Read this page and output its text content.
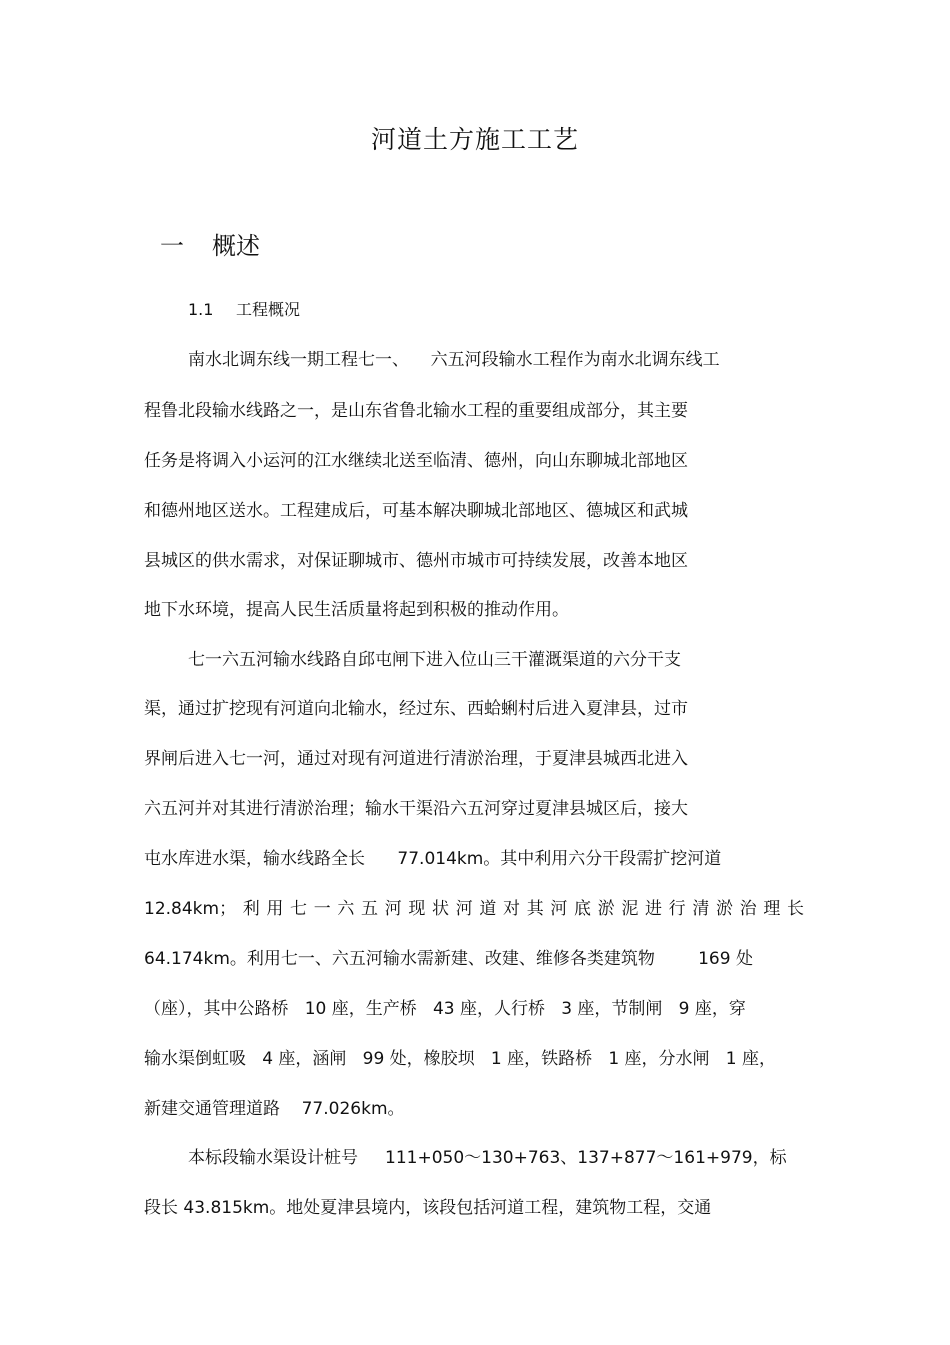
河道土方施工工艺
一 概述
1.1 工程概况
南水北调东线一期工程七一、    六五河段输水工程作为南水北调东线工
程鲁北段输水线路之一，是山东省鲁北输水工程的重要组成部分，其主要
任务是将调入小运河的江水继续北送至临清、德州，向山东聊城北部地区
和德州地区送水。工程建成后，可基本解决聊城北部地区、德城区和武城
县城区的供水需求，对保证聊城市、德州市城市可持续发展，改善本地区
地下水环境，提高人民生活质量将起到积极的推动作用。
七一六五河输水线路自邱屯闸下进入位山三干灌溉渠道的六分干支
渠，通过扩挖现有河道向北输水，经过东、西蛤蜊村后进入夏津县，过市
界闸后进入七一河，通过对现有河道进行清淤治理，于夏津县城西北进入
六五河并对其进行清淤治理；输水干渠沿六五河穿过夏津县城区后，接大
屯水库进水渠，输水线路全长      77.014km。其中利用六分干段需扩挖河道
12.84km；利用七一六五河现状河道对其河底淤泥进行清淤治理长
64.174km。利用七一、六五河输水需新建、改建、维修各类建筑物        169 处
（座），其中公路桥   10 座，生产桥   43 座，人行桥   3 座，节制闸   9 座，穿
输水渠倒虹吸   4 座，涵闸   99 处，橡胶坝   1 座，铁路桥   1 座，分水闸   1 座，
新建交通管理道路    77.026km。
本标段输水渠设计桩号     111+050～130+763、137+877～161+979，标
段长 43.815km。地处夏津县境内，该段包括河道工程，建筑物工程，交通
